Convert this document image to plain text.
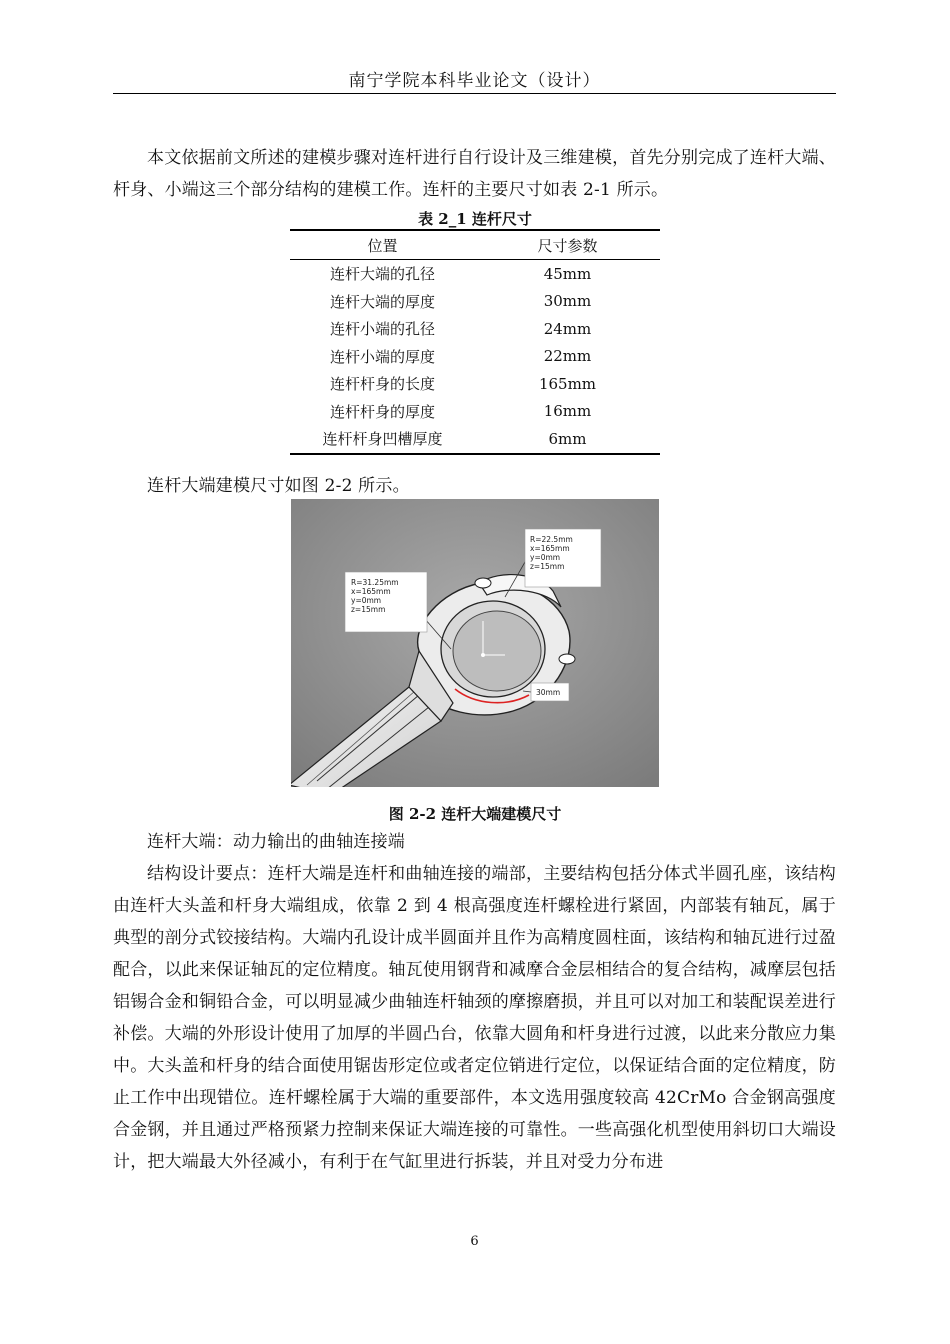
南宁学院本科毕业论文（设计）
本文依据前文所述的建模步骤对连杆进行自行设计及三维建模，首先分别完成了连杆大端、杆身、小端这三个部分结构的建模工作。连杆的主要尺寸如表 2-1 所示。
表 2_1 连杆尺寸
位置	尺寸参数
连杆大端的孔径	45mm
连杆大端的厚度	30mm
连杆小端的孔径	24mm
连杆小端的厚度	22mm
连杆杆身的长度	165mm
连杆杆身的厚度	16mm
连杆杆身凹槽厚度	6mm
连杆大端建模尺寸如图 2-2 所示。
R=31.25mm
x=165mm
y=0mm
z=15mm
R=22.5mm
x=165mm
y=0mm
z=15mm
30mm
图 2-2 连杆大端建模尺寸
连杆大端：动力输出的曲轴连接端
结构设计要点：连杆大端是连杆和曲轴连接的端部，主要结构包括分体式半圆孔座，该结构由连杆大头盖和杆身大端组成，依靠 2 到 4 根高强度连杆螺栓进行紧固，内部装有轴瓦，属于典型的剖分式铰接结构。大端内孔设计成半圆面并且作为高精度圆柱面，该结构和轴瓦进行过盈配合，以此来保证轴瓦的定位精度。轴瓦使用钢背和减摩合金层相结合的复合结构，减摩层包括铝锡合金和铜铅合金，可以明显减少曲轴连杆轴颈的摩擦磨损，并且可以对加工和装配误差进行补偿。大端的外形设计使用了加厚的半圆凸台，依靠大圆角和杆身进行过渡，以此来分散应力集中。大头盖和杆身的结合面使用锯齿形定位或者定位销进行定位，以保证结合面的定位精度，防止工作中出现错位。连杆螺栓属于大端的重要部件，本文选用强度较高 42CrMo 合金钢高强度合金钢，并且通过严格预紧力控制来保证大端连接的可靠性。一些高强化机型使用斜切口大端设计，把大端最大外径减小，有利于在气缸里进行拆装，并且对受力分布进
6
